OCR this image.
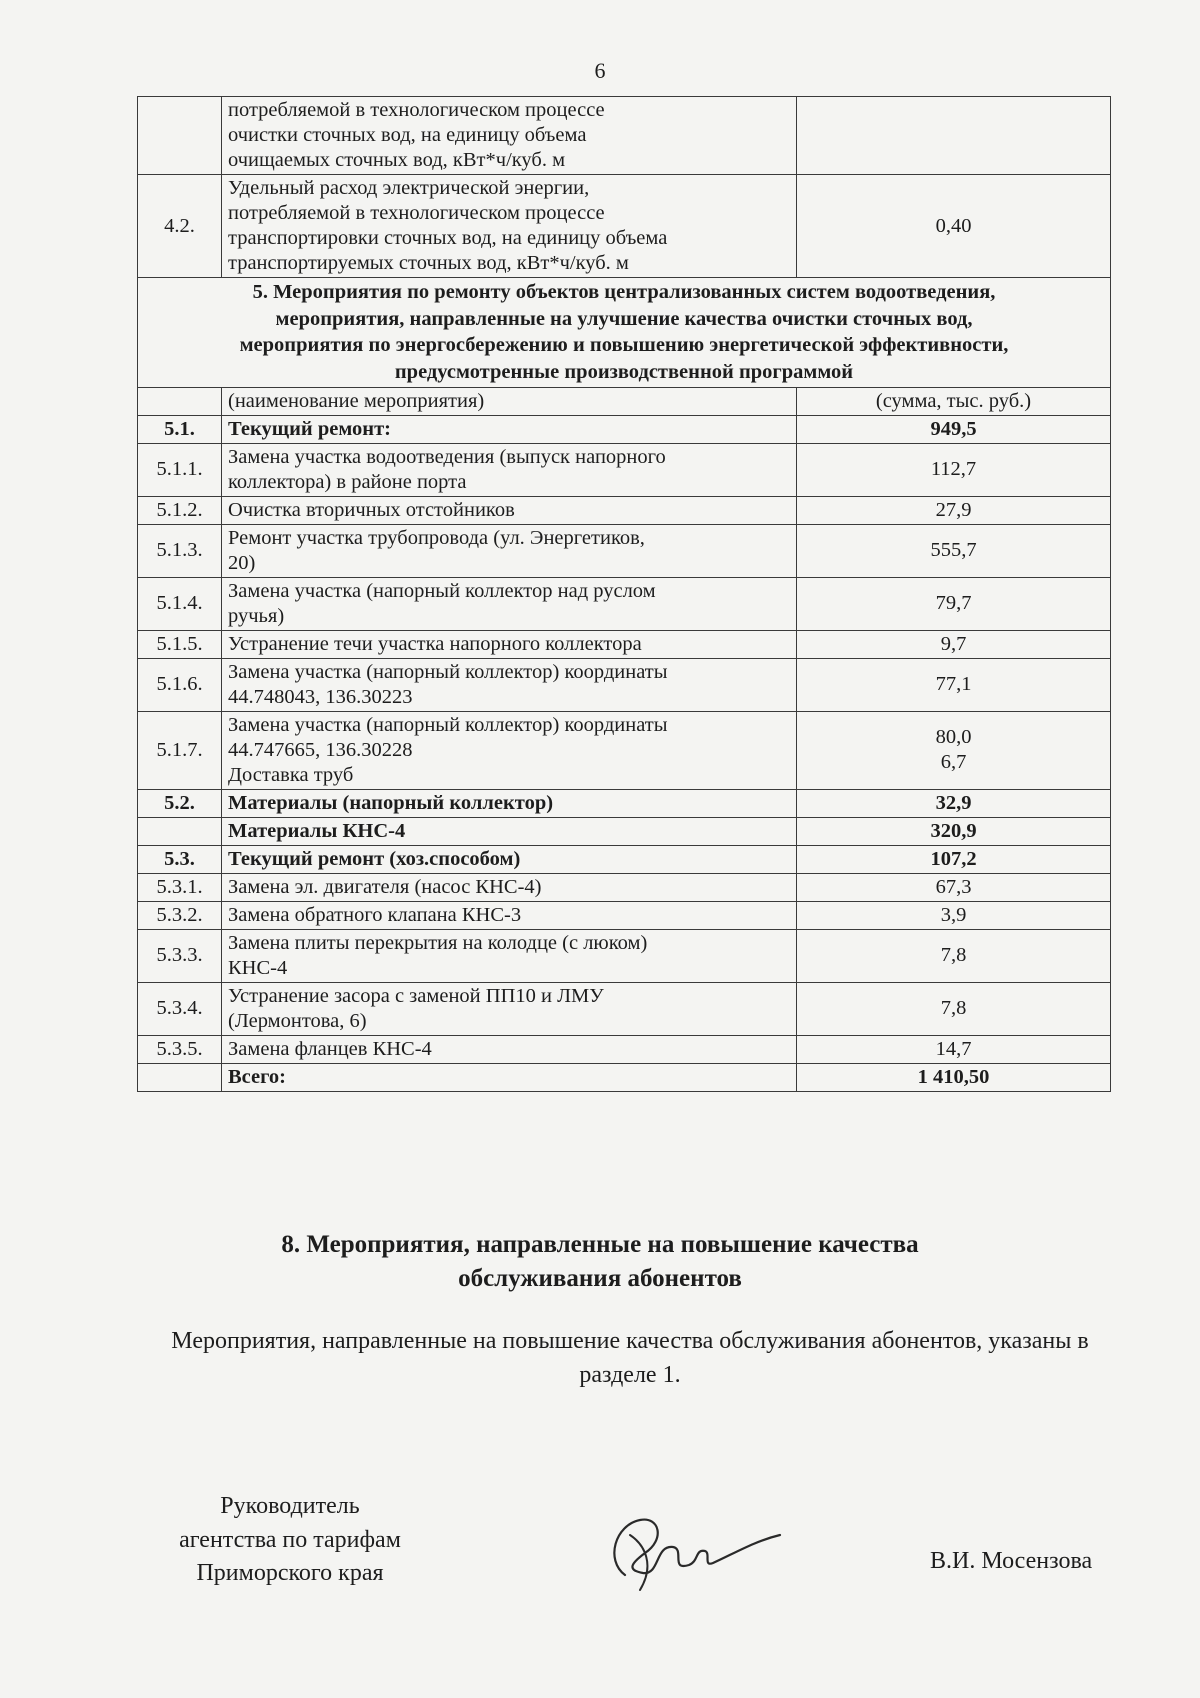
6

	потребляемой в технологическом процессе
очистки сточных вод, на единицу объема
очищаемых сточных вод, кВт*ч/куб. м	

4.2.	Удельный расход электрической энергии,
потребляемой в технологическом процессе
транспортировки сточных вод, на единицу объема
транспортируемых сточных вод, кВт*ч/куб. м	0,40

5. Мероприятия по ремонту объектов централизованных систем водоотведения,
мероприятия, направленные на улучшение качества очистки сточных вод,
мероприятия по энергосбережению и повышению энергетической эффективности,
предусмотренные производственной программой		

	(наименование мероприятия)	(сумма, тыс. руб.)
5.1.	Текущий ремонт:	949,5

5.1.1.	Замена участка водоотведения (выпуск напорного
коллектора) в районе порта	112,7

5.1.2.	Очистка вторичных отстойников	27,9

5.1.3.	Ремонт участка трубопровода (ул. Энергетиков,
20)	555,7

5.1.4.	Замена участка (напорный коллектор над руслом
ручья)	79,7

5.1.5.	Устранение течи участка напорного коллектора	9,7

5.1.6.	Замена участка (напорный коллектор) координаты
44.748043, 136.30223	77,1

5.1.7.	Замена участка (напорный коллектор) координаты
44.747665, 136.30228
Доставка труб	80,0
6,7

5.2.	Материалы (напорный коллектор)	32,9

	Материалы КНС-4	320,9

5.3.	Текущий ремонт (хоз.способом)	107,2

5.3.1.	Замена эл. двигателя (насос КНС-4)	67,3

5.3.2.	Замена обратного клапана КНС-3	3,9

5.3.3.	Замена плиты перекрытия на колодце (с люком)
КНС-4	7,8

5.3.4.	Устранение засора с заменой ПП10 и ЛМУ
(Лермонтова, 6)	7,8

5.3.5.	Замена фланцев КНС-4	14,7

	Всего:	1 410,50
8. Мероприятия, направленные на повышение качества
обслуживания абонентов
Мероприятия, направленные на повышение качества обслуживания абонентов, указаны в разделе 1.
Руководитель
агентства по тарифам
Приморского края	В.И. Мосензова
